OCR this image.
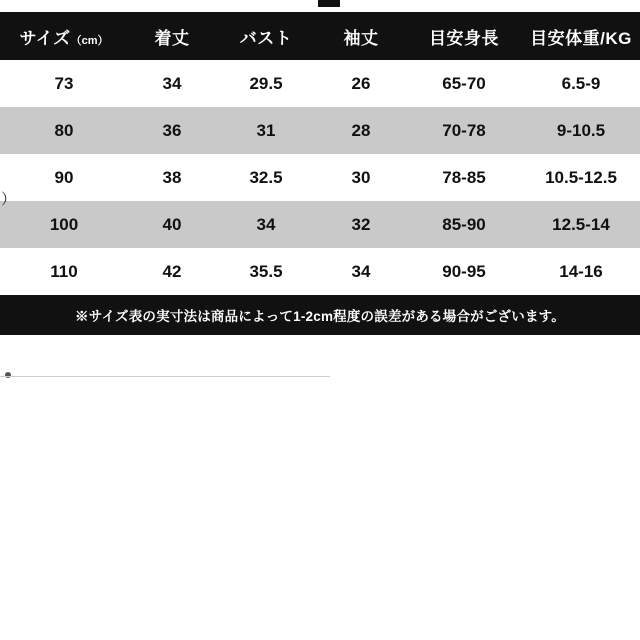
サイズ（cm）	着丈	バスト	袖丈	目安身長	目安体重/KG
73	34	29.5	26	65-70	6.5-9
80	36	31	28	70-78	9-10.5
90	38	32.5	30	78-85	10.5-12.5
100	40	34	32	85-90	12.5-14
110	42	35.5	34	90-95	14-16
※サイズ表の実寸法は商品によって1-2cm程度の誤差がある場合がございます。					
）
